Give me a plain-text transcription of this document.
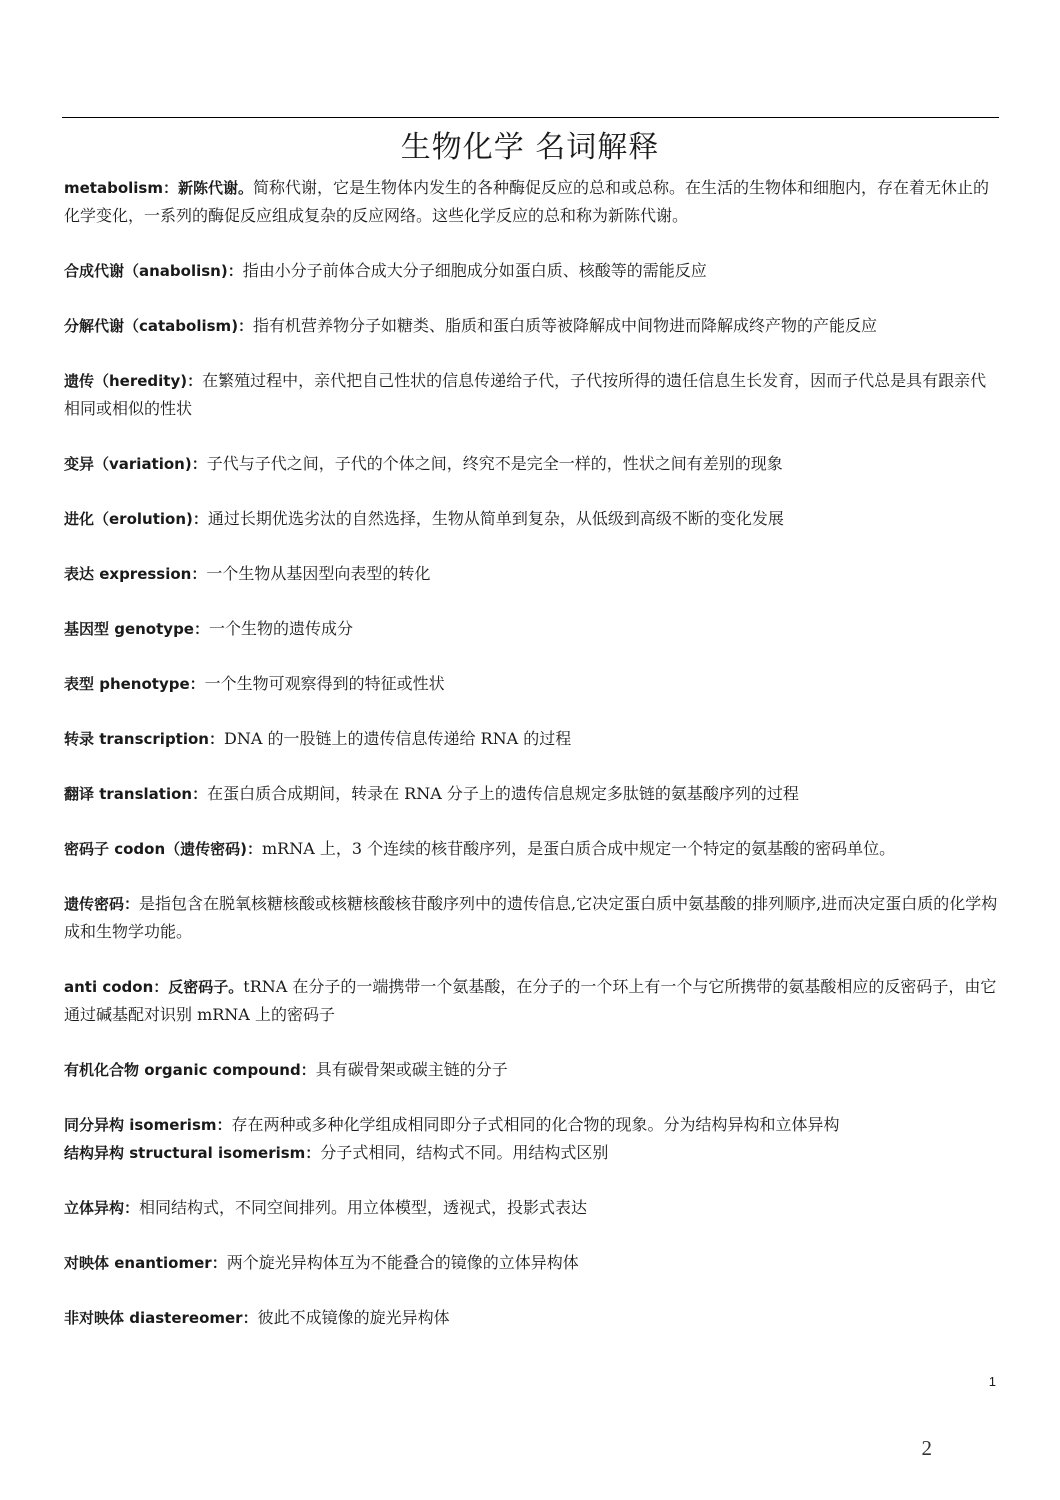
生物化学 名词解释

metabolism：新陈代谢。简称代谢，它是生物体内发生的各种酶促反应的总和或总称。在生活的生物体和细胞内，存在着无休止的化学变化，一系列的酶促反应组成复杂的反应网络。这些化学反应的总和称为新陈代谢。

合成代谢（anabolisn)：指由小分子前体合成大分子细胞成分如蛋白质、核酸等的需能反应

分解代谢（catabolism)：指有机营养物分子如糖类、脂质和蛋白质等被降解成中间物进而降解成终产物的产能反应

遗传（heredity)：在繁殖过程中，亲代把自己性状的信息传递给子代，子代按所得的遗任信息生长发育，因而子代总是具有跟亲代相同或相似的性状

变异（variation)：子代与子代之间，子代的个体之间，终究不是完全一样的，性状之间有差别的现象

进化（erolution)：通过长期优选劣汰的自然选择，生物从简单到复杂，从低级到高级不断的变化发展

表达 expression：一个生物从基因型向表型的转化

基因型 genotype：一个生物的遗传成分

表型 phenotype：一个生物可观察得到的特征或性状

转录 transcription：DNA 的一股链上的遗传信息传递给 RNA 的过程

翻译 translation：在蛋白质合成期间，转录在 RNA 分子上的遗传信息规定多肽链的氨基酸序列的过程

密码子 codon（遗传密码)：mRNA 上，3 个连续的核苷酸序列，是蛋白质合成中规定一个特定的氨基酸的密码单位。

遗传密码：是指包含在脱氧核糖核酸或核糖核酸核苷酸序列中的遗传信息,它决定蛋白质中氨基酸的排列顺序,进而决定蛋白质的化学构成和生物学功能。

anti codon：反密码子。tRNA 在分子的一端携带一个氨基酸，在分子的一个环上有一个与它所携带的氨基酸相应的反密码子，由它通过碱基配对识别 mRNA 上的密码子

有机化合物 organic compound：具有碳骨架或碳主链的分子

同分异构 isomerism：存在两种或多种化学组成相同即分子式相同的化合物的现象。分为结构异构和立体异构

结构异构 structural isomerism：分子式相同，结构式不同。用结构式区别

立体异构：相同结构式，不同空间排列。用立体模型，透视式，投影式表达

对映体 enantiomer：两个旋光异构体互为不能叠合的镜像的立体异构体

非对映体 diastereomer：彼此不成镜像的旋光异构体

1
2
